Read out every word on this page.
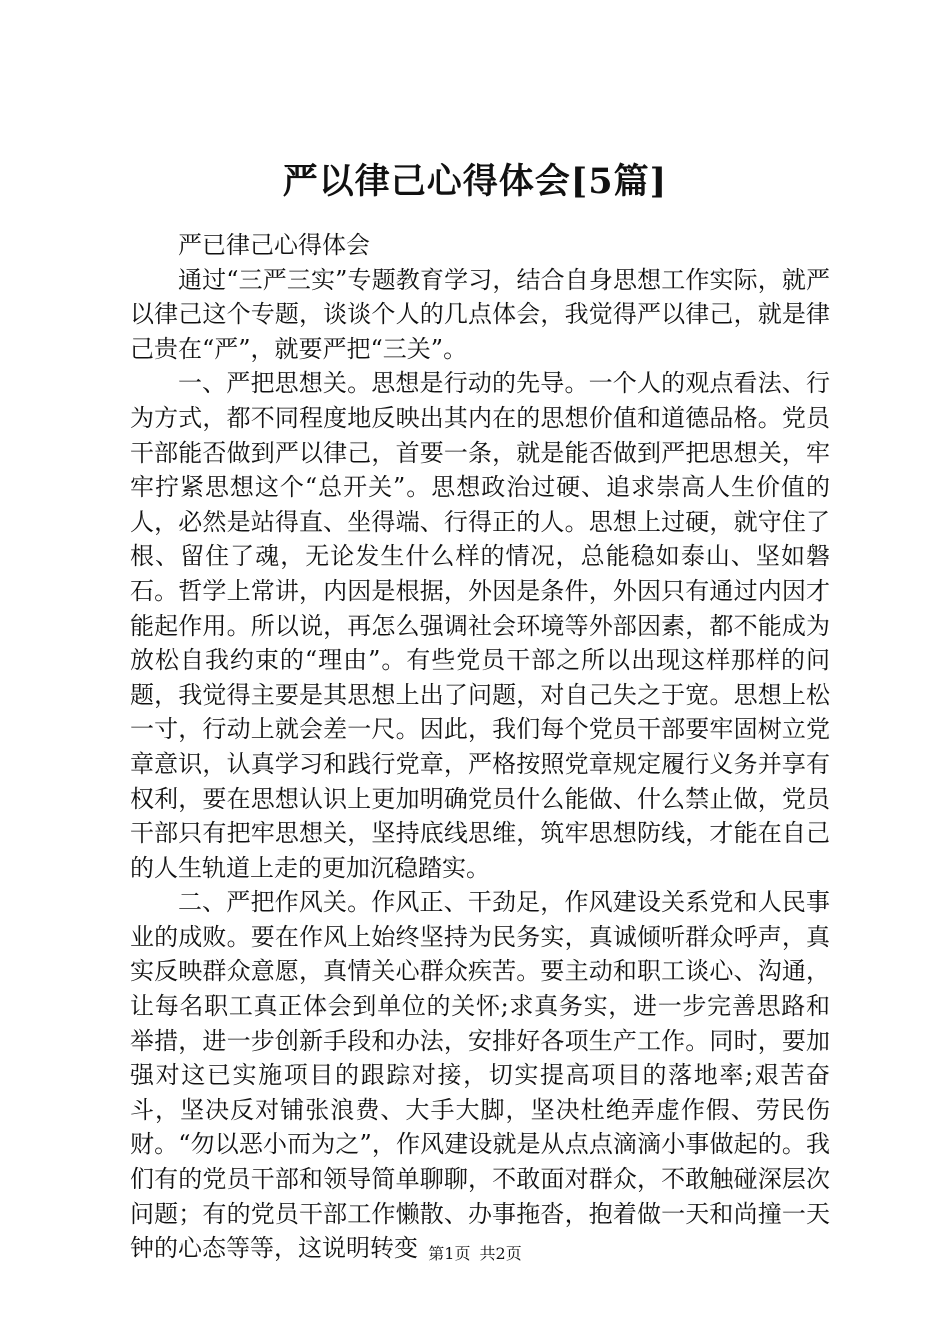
严以律己心得体会[5篇]

严已律己心得体会

通过“三严三实”专题教育学习，结合自身思想工作实际，就严以律己这个专题，谈谈个人的几点体会，我觉得严以律己，就是律己贵在“严”，就要严把“三关”。

一、严把思想关。思想是行动的先导。一个人的观点看法、行为方式，都不同程度地反映出其内在的思想价值和道德品格。党员干部能否做到严以律己，首要一条，就是能否做到严把思想关，牢牢拧紧思想这个“总开关”。思想政治过硬、追求崇高人生价值的人，必然是站得直、坐得端、行得正的人。思想上过硬，就守住了根、留住了魂，无论发生什么样的情况，总能稳如泰山、坚如磐石。哲学上常讲，内因是根据，外因是条件，外因只有通过内因才能起作用。所以说，再怎么强调社会环境等外部因素，都不能成为放松自我约束的“理由”。有些党员干部之所以出现这样那样的问题，我觉得主要是其思想上出了问题，对自己失之于宽。思想上松一寸，行动上就会差一尺。因此，我们每个党员干部要牢固树立党章意识，认真学习和践行党章，严格按照党章规定履行义务并享有权利，要在思想认识上更加明确党员什么能做、什么禁止做，党员干部只有把牢思想关，坚持底线思维，筑牢思想防线，才能在自己的人生轨道上走的更加沉稳踏实。

二、严把作风关。作风正、干劲足，作风建设关系党和人民事业的成败。要在作风上始终坚持为民务实，真诚倾听群众呼声，真实反映群众意愿，真情关心群众疾苦。要主动和职工谈心、沟通，让每名职工真正体会到单位的关怀;求真务实，进一步完善思路和举措，进一步创新手段和办法，安排好各项生产工作。同时，要加强对这已实施项目的跟踪对接，切实提高项目的落地率;艰苦奋斗，坚决反对铺张浪费、大手大脚，坚决杜绝弄虚作假、劳民伤财。“勿以恶小而为之”，作风建设就是从点点滴滴小事做起的。我们有的党员干部和领导简单聊聊，不敢面对群众，不敢触碰深层次问题；有的党员干部工作懒散、办事拖沓，抱着做一天和尚撞一天钟的心态等等，这说明转变 第1页 共2页
